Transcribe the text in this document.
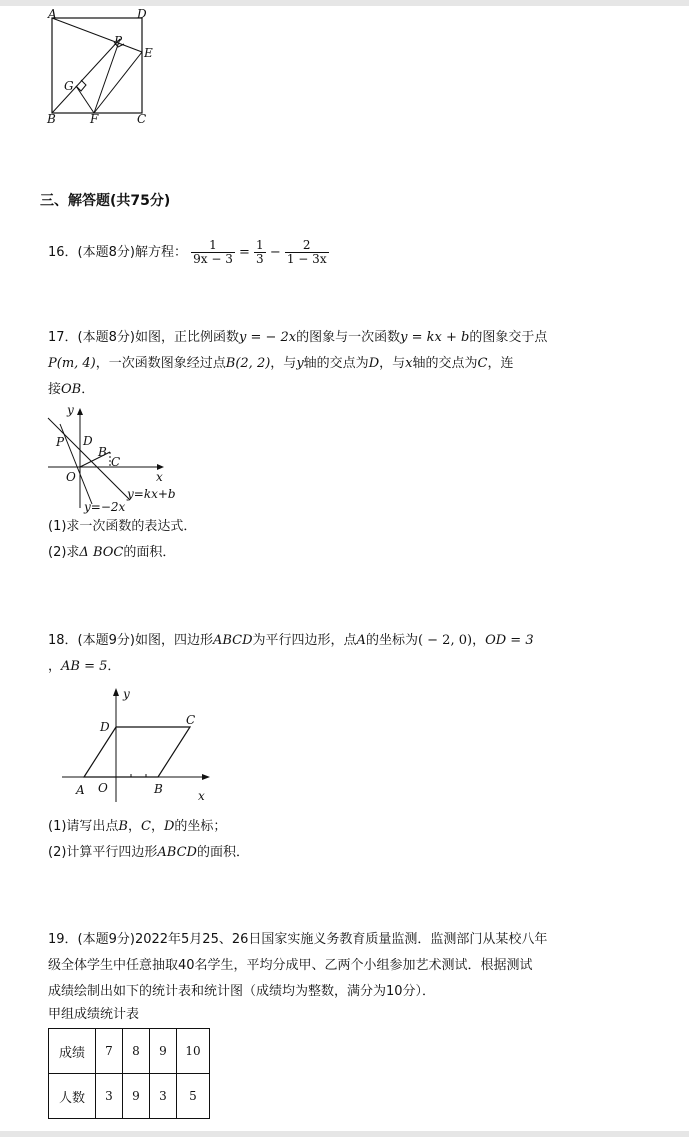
A	D
P
E
G
B	F	C
三、解答题(共75分)
16．(本题8分)解方程： $\frac{1}{9x - 3} = \frac{1}{3} - \frac{2}{1 - 3x}$
17．(本题8分)如图，正比例函数y = − 2x的图象与一次函数y = kx + b的图象交于点
P(m, 4)，一次函数图象经过点B(2, 2)，与y轴的交点为D，与x轴的交点为C，连
接OB．
y
x
P D
B
C
O
y=kx+b
y=−2x
(1)求一次函数的表达式．
(2)求Δ BOC的面积．
18．(本题9分)如图，四边形ABCD为平行四边形，点A的坐标为( − 2, 0)，OD = 3
，AB = 5．
y
x
D	C
A O	B
(1)请写出点B，C，D的坐标；
(2)计算平行四边形ABCD的面积．
19．(本题9分)2022年5月25、26日国家实施义务教育质量监测．监测部门从某校八年
级全体学生中任意抽取40名学生，平均分成甲、乙两个小组参加艺术测试．根据测试
成绩绘制出如下的统计表和统计图（成绩均为整数，满分为10分）．
甲组成绩统计表
成绩	7	8	9	10
人数	3	9	3	5
